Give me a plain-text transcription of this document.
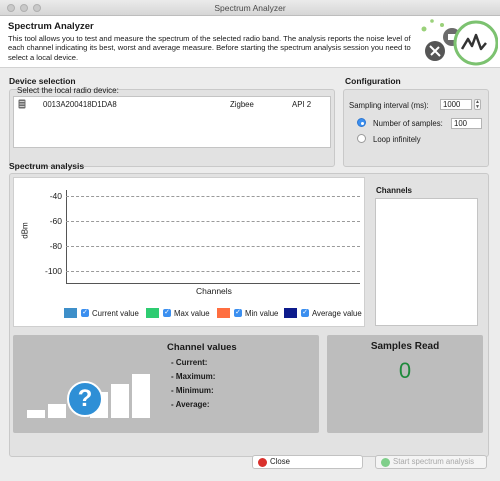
Spectrum Analyzer
Spectrum Analyzer
This tool allows you to test and measure the spectrum of the selected radio band. The analysis reports the noise level of each channel indicating its best, worst and average measure. Before starting the spectrum analysis session you need to select a local device.
Device selection
Select the local radio device:
0013A200418D1DA8	Zigbee	API 2
Configuration
Sampling interval (ms):	1000	▲
▼
Number of samples:	100
Loop infinitely
Spectrum analysis
-40
-60
-80
-100
dBm
Channels
✓ Current value	✓ Max value	✓ Min value	✓ Average value
Channels
?
Channel values
- Current:
- Maximum:
- Minimum:
- Average:
Samples Read
0
Close	Start spectrum analysis
